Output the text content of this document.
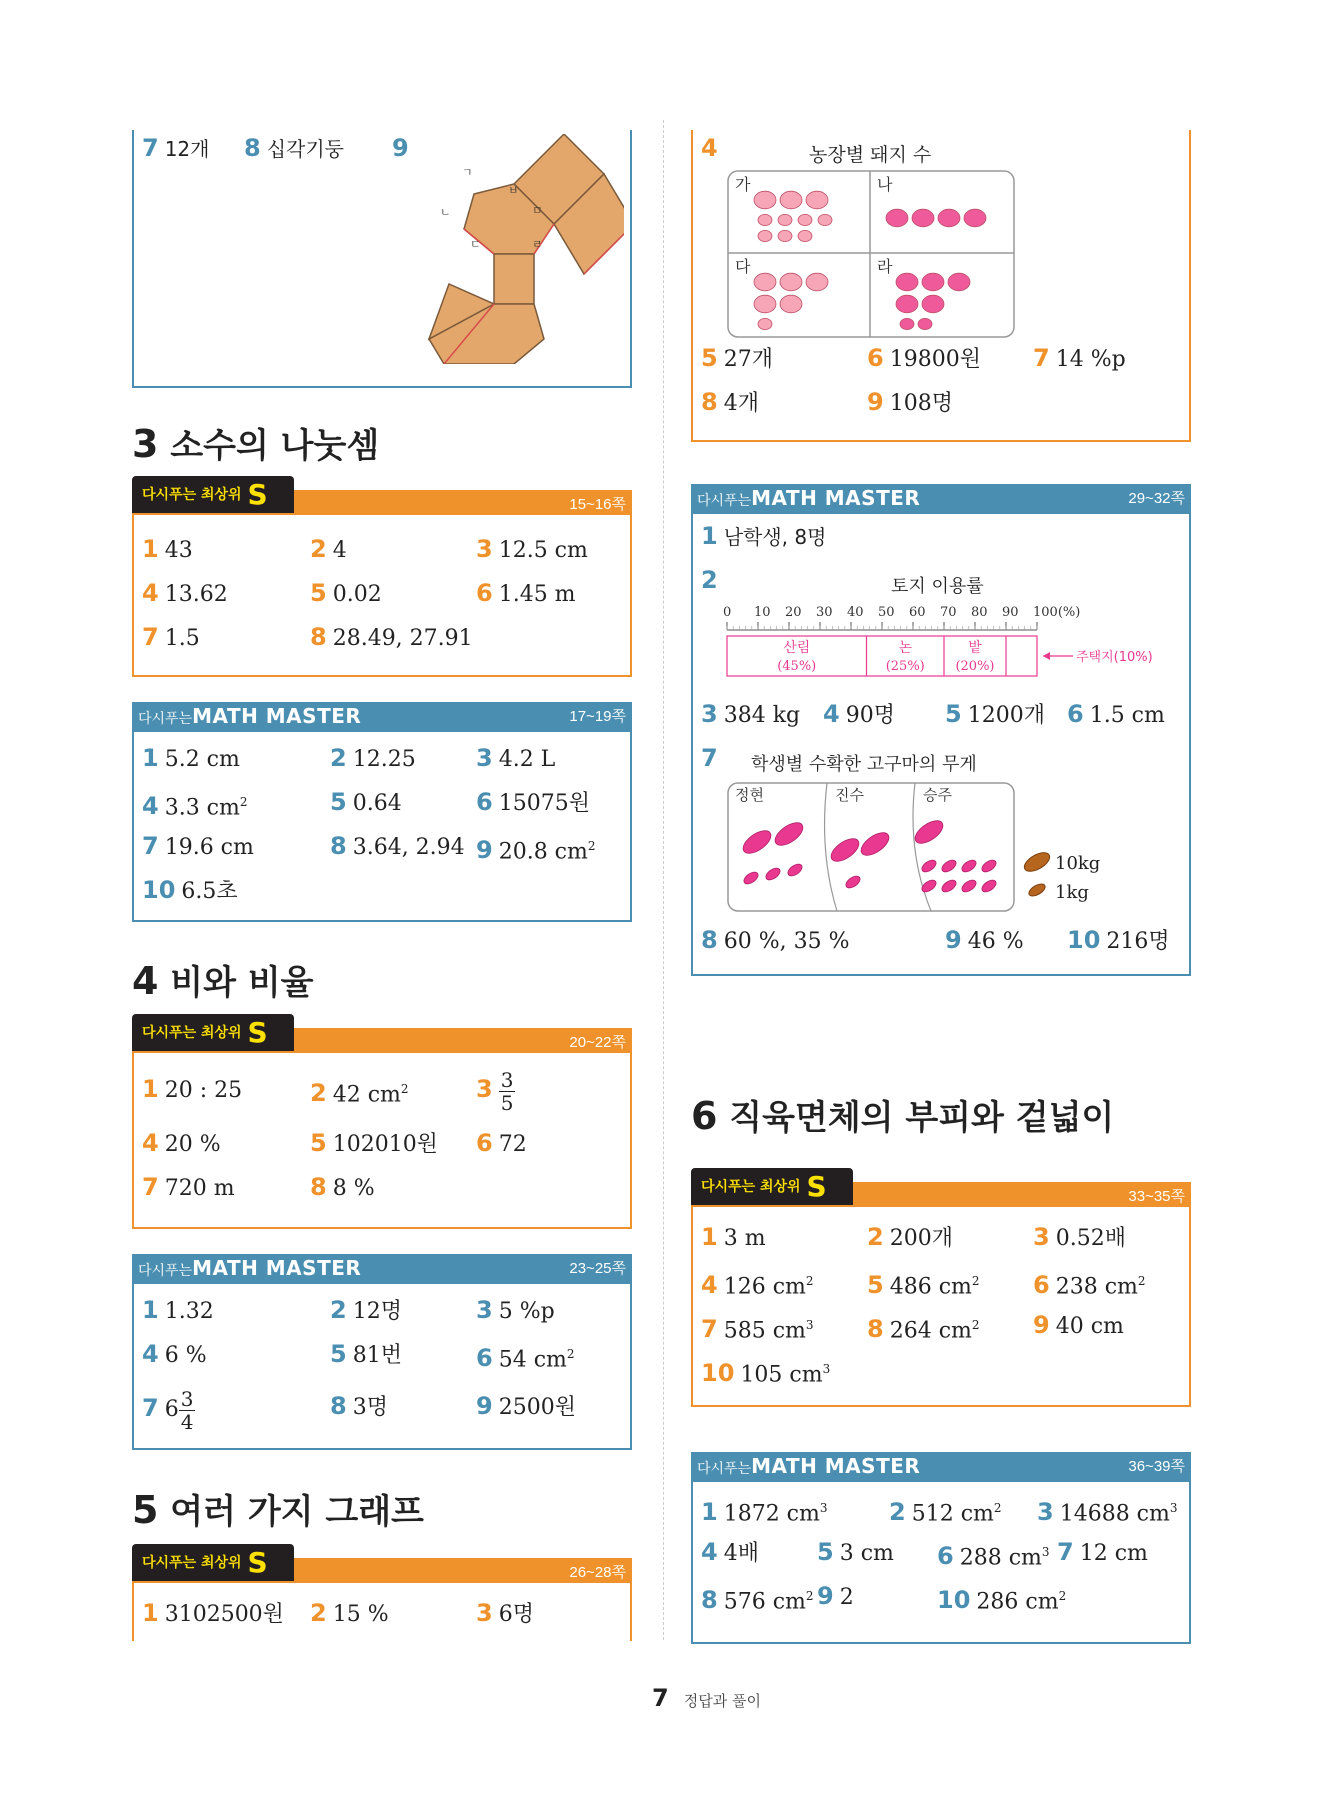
7 12개 8 십각기둥 9
ㄱ
ㄴ
ㄷ	ㄹ
ㅁ
ㅂ
3 소수의 나눗셈
다시푸는 최상위 S	15~16쪽
1 43	2 4	3 12.5 cm
4 13.62	5 0.02	6 1.45 m
7 1.5	8 28.49, 27.91
다시푸는MATH MASTER	17~19쪽
1 5.2 cm	2 12.25	3 4.2 L
4 3.3 $cm^2$	5 0.64	6 15075원
7 19.6 cm	8 3.64, 2.94 9 20.8 $cm^2$
10 6.5초
4 비와 비율
다시푸는 최상위 S	20~22쪽
1 20 : 25	2 42 $cm^2$	$3 \frac{3}{5}$
4 20 %	5 102010원 6 72
7 720 m	8 8 %
다시푸는MATH MASTER	23~25쪽
1 1.32	2 12명	3 5 %p
4 6 %	5 81번	6 54 $cm^2$
7 $6 \frac{3}{4}$	8 3명	9 2500원
5 여러 가지 그래프
다시푸는 최상위 S	26~28쪽
1 3102500원 2 15 %	3 6명
4	농장별 돼지 수
가	나
다	라
5 27개	6 19800원 7 14 %p
8 4개	9 108명
다시푸는MATH MASTER	29~32쪽
1 남학생, 8명
2	토지 이용률
0 10 20 30 40 50 60 70 80 90 100(%)
산림
(45%)
논
(25%)
밭
(20%)
주택지(10%)
3 384 kg 4 90명 5 1200개 6 1.5 cm
7	학생별 수확한 고구마의 무게
정현	진수	승주
10kg
1kg
8 60 %, 35 %	9 46 % 10 216명
6 직육면체의 부피와 겉넓이
다시푸는 최상위 S	33~35쪽
1 3 m	2 200개	3 0.52배
4 126 $cm^2$ 5 486 $cm^2$ 6 238 $cm^2$
7 585 $cm^3$ 8 264 $cm^2$ 9 40 cm
10 105 $cm^3$
다시푸는MATH MASTER	36~39쪽
1 1872 $cm^3$	2 512 $cm^2$ 3 14688 $cm^3$
4 4배 5 3 cm 6 288 $cm^3$ 7 12 cm
8 576 $cm^2$ 9 2	10 286 $cm^2$
7 정답과 풀이
